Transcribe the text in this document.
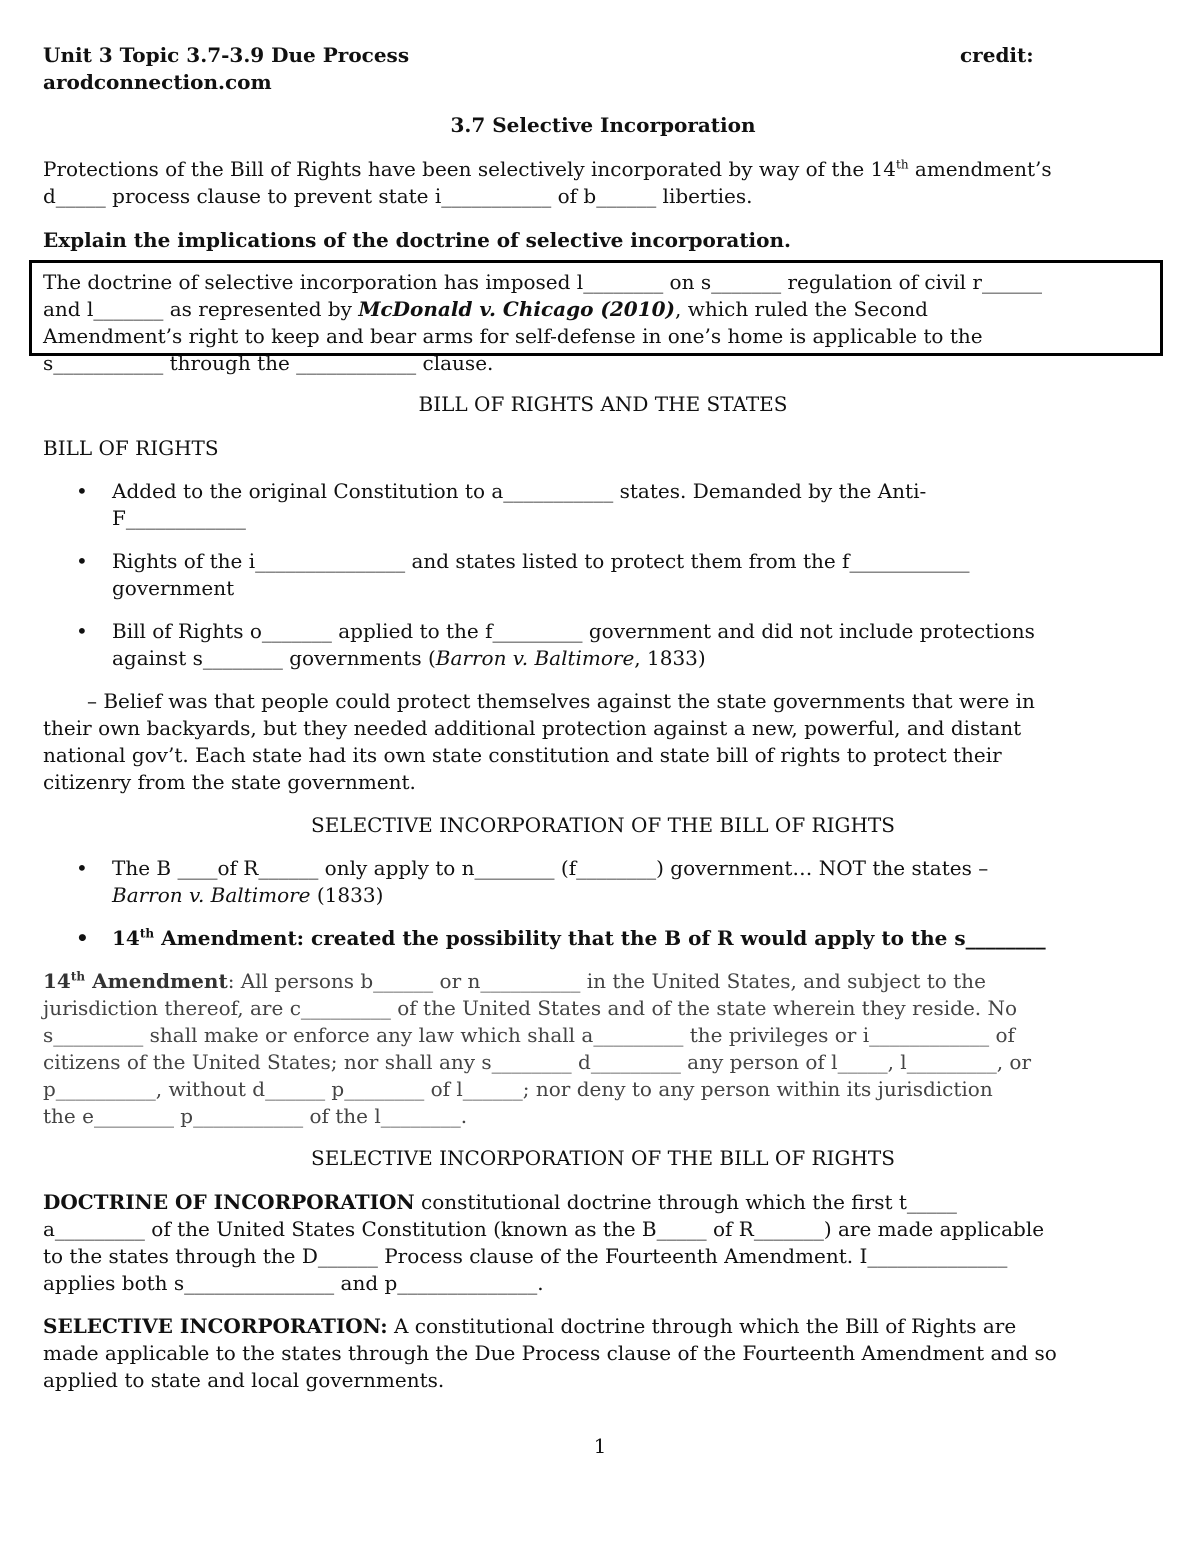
Unit 3 Topic 3.7-3.9 Due Process	credit:
arodconnection.com
3.7 Selective Incorporation
Protections of the Bill of Rights have been selectively incorporated by way of the 14th amendment’s
d_____ process clause to prevent state i___________ of b______ liberties.
Explain the implications of the doctrine of selective incorporation.
The doctrine of selective incorporation has imposed l________ on s_______ regulation of civil r______
and l_______ as represented by McDonald v. Chicago (2010), which ruled the Second
Amendment’s right to keep and bear arms for self-defense in one’s home is applicable to the
s___________ through the ____________ clause.
BILL OF RIGHTS AND THE STATES
BILL OF RIGHTS
• Added to the original Constitution to a___________ states. Demanded by the Anti-
F____________
• Rights of the i_______________ and states listed to protect them from the f____________
government
• Bill of Rights o_______ applied to the f_________ government and did not include protections
against s________ governments (Barron v. Baltimore, 1833)
– Belief was that people could protect themselves against the state governments that were in
their own backyards, but they needed additional protection against a new, powerful, and distant
national gov’t. Each state had its own state constitution and state bill of rights to protect their
citizenry from the state government.
SELECTIVE INCORPORATION OF THE BILL OF RIGHTS
• The B ____of R______ only apply to n________ (f________) government… NOT the states –
Barron v. Baltimore (1833)
• 14th Amendment: created the possibility that the B of R would apply to the s________
14th Amendment: All persons b______ or n__________ in the United States, and subject to the
jurisdiction thereof, are c_________ of the United States and of the state wherein they reside. No
s_________ shall make or enforce any law which shall a_________ the privileges or i____________ of
citizens of the United States; nor shall any s________ d_________ any person of l_____, l_________, or
p__________, without d______ p________ of l______; nor deny to any person within its jurisdiction
the e________ p___________ of the l________.
SELECTIVE INCORPORATION OF THE BILL OF RIGHTS
DOCTRINE OF INCORPORATION constitutional doctrine through which the first t_____
a_________ of the United States Constitution (known as the B_____ of R_______) are made applicable
to the states through the D______ Process clause of the Fourteenth Amendment. I______________
applies both s_______________ and p______________.
SELECTIVE INCORPORATION: A constitutional doctrine through which the Bill of Rights are
made applicable to the states through the Due Process clause of the Fourteenth Amendment and so
applied to state and local governments.
1
